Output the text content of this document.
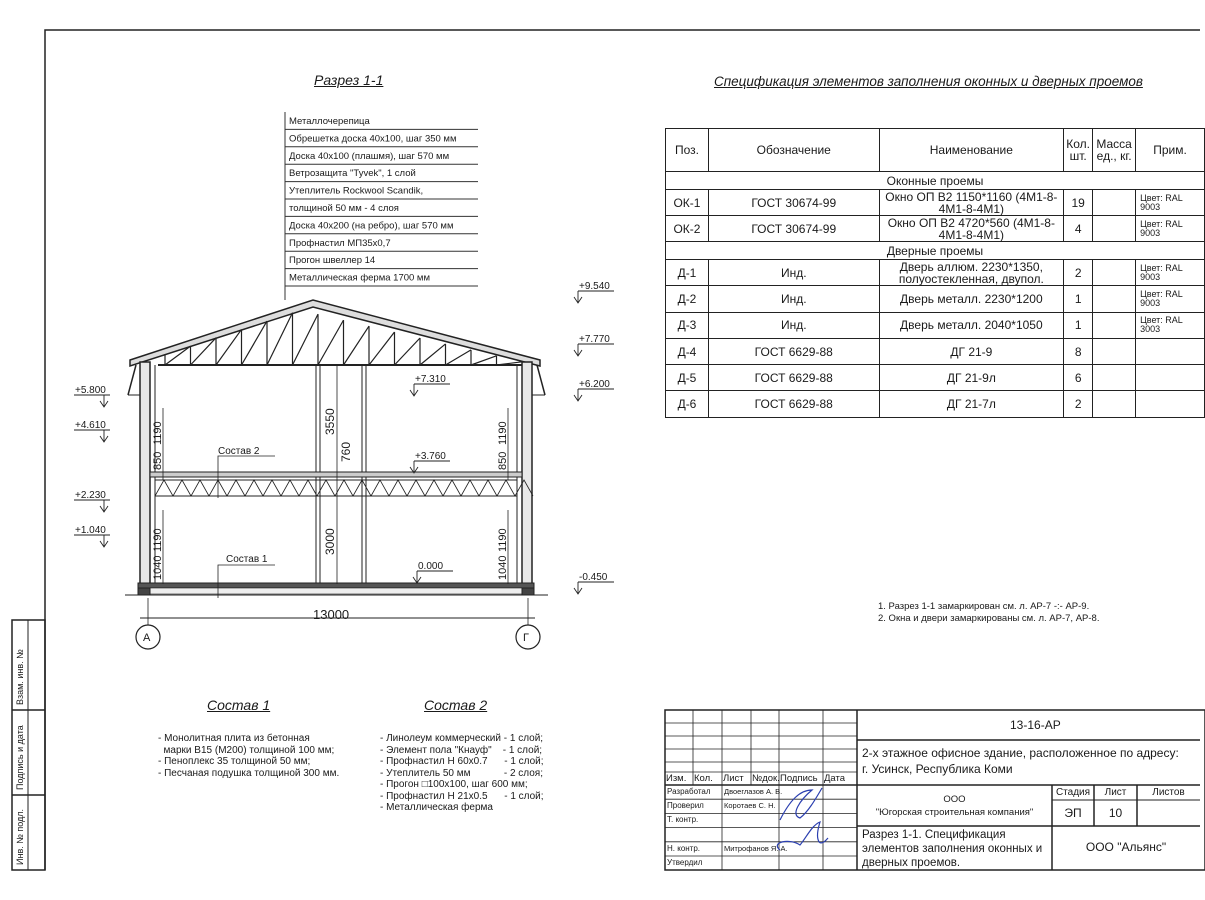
Взам. инв. №
Подпись и дата
Инв. № подл.
Металлочерепица
Обрешетка доска 40x100, шаг 350 мм
Доска 40x100 (плашмя), шаг 570 мм
Ветрозащита "Tyvek", 1 слой
Утеплитель Rockwool Scandik,
толщиной 50 мм - 4 слоя
Доска 40x200 (на ребро), шаг 570 мм
Профнастил МП35x0,7
Прогон швеллер 14
Металлическая ферма 1700 мм
Состав 2
Состав 1
13000
А	Г
3550
3000
760
850
1190
1040
1190
850
1190
1040
1190
+5.800
+4.610
+2.230
+1.040
+9.540
+7.770
+6.200
-0.450
+7.310
+3.760
0.000
Разрез 1-1	Спецификация элементов заполнения оконных и дверных проемов
Поз.	Обозначение	Наименование	Кол. шт.	Масса ед., кг.	Прим.
Оконные проемы					
ОК-1	ГОСТ 30674-99	Окно ОП В2 1150*1160 (4М1-8-4М1-8-4М1)	19		Цвет: RAL 9003
ОК-2	ГОСТ 30674-99	Окно ОП В2 4720*560 (4М1-8-4М1-8-4М1)	4		Цвет: RAL 9003
Дверные проемы					
Д-1	Инд.	Дверь аллюм. 2230*1350, полуостекленная, двупол.	2		Цвет: RAL 9003
Д-2	Инд.	Дверь металл. 2230*1200	1		Цвет: RAL 9003
Д-3	Инд.	Дверь металл. 2040*1050	1		Цвет: RAL 3003
Д-4	ГОСТ 6629-88	ДГ 21-9	8		
Д-5	ГОСТ 6629-88	ДГ 21-9л	6		
Д-6	ГОСТ 6629-88	ДГ 21-7л	2		
1. Разрез 1-1 замаркирован см. л. АР-7 -:- АР-9.
2. Окна и двери замаркированы см. л. АР-7, АР-8.
Состав 1	Состав 2
- Монолитная плита из бетонная
марки В15 (М200) толщиной 100 мм;
- Пеноплекс 35 толщиной 50 мм;
- Песчаная подушка толщиной 300 мм.
- Линолеум коммерческий - 1 слой;
- Элемент пола "Кнауф"    - 1 слой;
- Профнастил Н 60x0.7      - 1 слой;
- Утеплитель 50 мм            - 2 слоя;
- Прогон □100x100, шаг 600 мм;
- Профнастил Н 21x0.5      - 1 слой;
- Металлическая ферма
13-16-АР
2-х этажное офисное здание, расположенное по адресу:
г. Усинск, Республика Коми
ООО
"Югорская строительная компания"
Стадия	Лист	Листов
ЭП	10
Разрез 1-1. Спецификация элементов заполнения оконных и дверных проемов.
ООО "Альянс"
Изм. Кол.	Лист №док. Подпись Дата
Разработал	Двоеглазов А. В.
Проверил	Коротаев С. Н.
Т. контр.
Н. контр.	Митрофанов Я. А.
Утвердил
